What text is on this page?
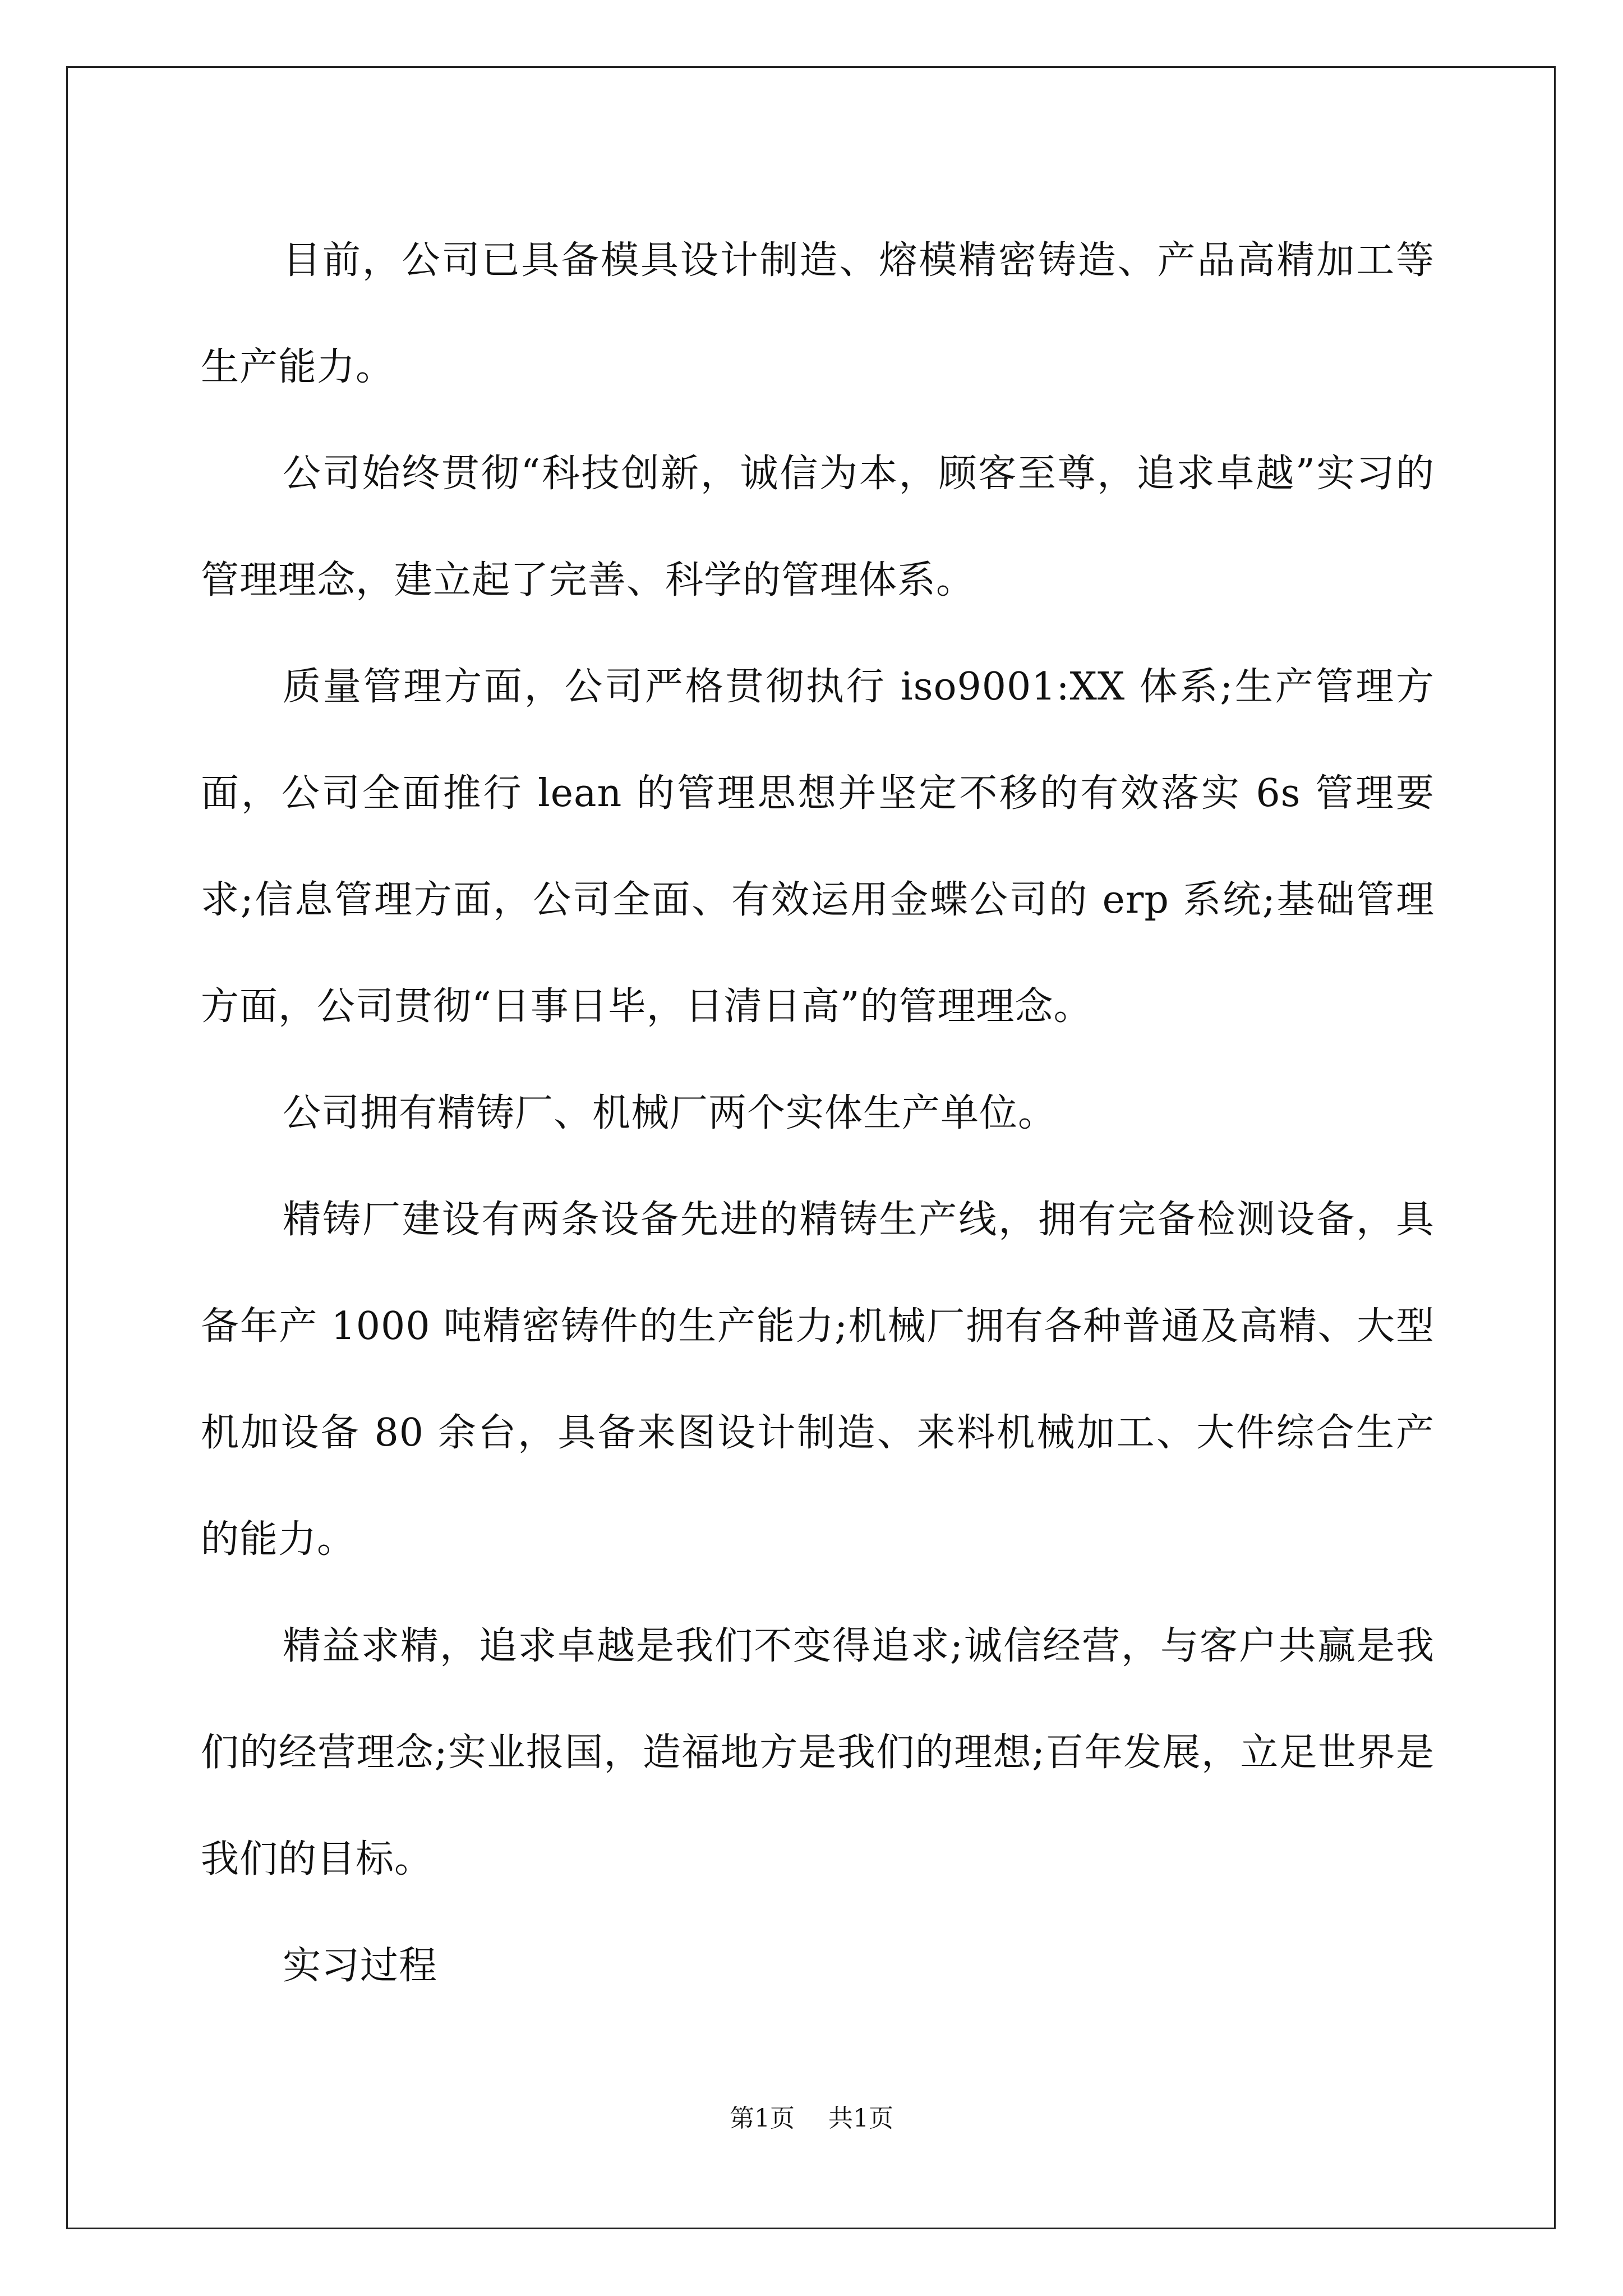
目前，公司已具备模具设计制造、熔模精密铸造、产品高精加工等生产能力。

公司始终贯彻“科技创新，诚信为本，顾客至尊，追求卓越”实习的管理理念，建立起了完善、科学的管理体系。

质量管理方面，公司严格贯彻执行 iso9001:XX 体系;生产管理方面，公司全面推行 lean 的管理思想并坚定不移的有效落实 6s 管理要求;信息管理方面，公司全面、有效运用金蝶公司的 erp 系统;基础管理方面，公司贯彻“日事日毕，日清日高”的管理理念。

公司拥有精铸厂、机械厂两个实体生产单位。

精铸厂建设有两条设备先进的精铸生产线，拥有完备检测设备，具备年产 1000 吨精密铸件的生产能力;机械厂拥有各种普通及高精、大型机加设备 80 余台，具备来图设计制造、来料机械加工、大件综合生产的能力。

精益求精，追求卓越是我们不变得追求;诚信经营，与客户共赢是我们的经营理念;实业报国，造福地方是我们的理想;百年发展，立足世界是我们的目标。

实习过程

第1页 共1页
